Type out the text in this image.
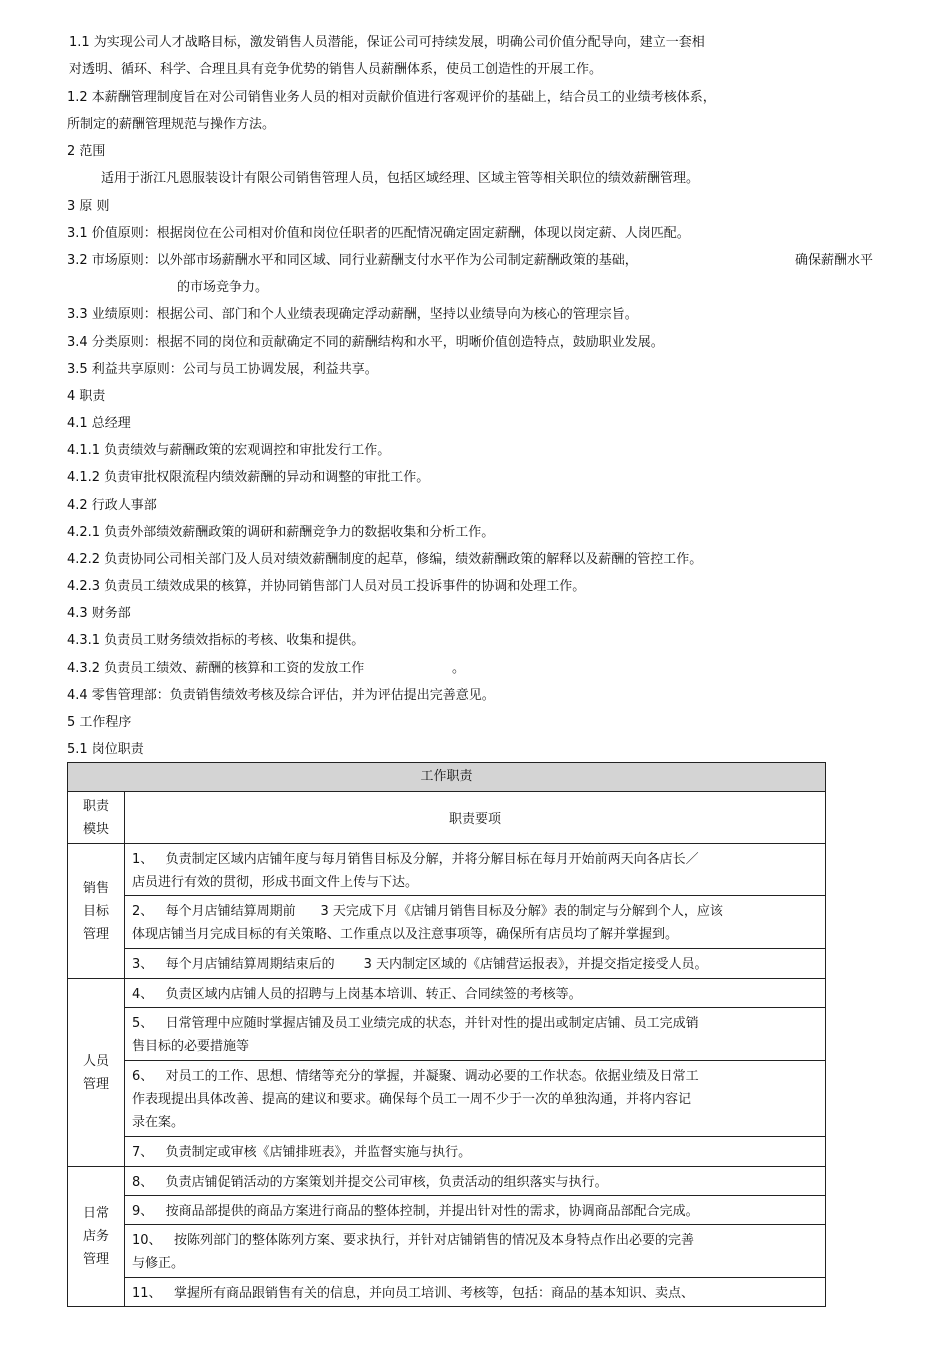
1.1 为实现公司人才战略目标，激发销售人员潜能，保证公司可持续发展，明确公司价值分配导向，建立一套相
对透明、循环、科学、合理且具有竞争优势的销售人员薪酬体系，使员工创造性的开展工作。
1.2 本薪酬管理制度旨在对公司销售业务人员的相对贡献价值进行客观评价的基础上，结合员工的业绩考核体系，
所制定的薪酬管理规范与操作方法。
2 范围
适用于浙江凡恩服装设计有限公司销售管理人员，包括区域经理、区域主管等相关职位的绩效薪酬管理。
3 原 则
3.1 价值原则：根据岗位在公司相对价值和岗位任职者的匹配情况确定固定薪酬，体现以岗定薪、人岗匹配。
3.2 市场原则：以外部市场薪酬水平和同区域、同行业薪酬支付水平作为公司制定薪酬政策的基础，	确保薪酬水平
的市场竞争力。
3.3 业绩原则：根据公司、部门和个人业绩表现确定浮动薪酬，坚持以业绩导向为核心的管理宗旨。
3.4 分类原则：根据不同的岗位和贡献确定不同的薪酬结构和水平，明晰价值创造特点，鼓励职业发展。
3.5 利益共享原则：公司与员工协调发展，利益共享。
4 职责
4.1 总经理
4.1.1 负责绩效与薪酬政策的宏观调控和审批发行工作。
4.1.2 负责审批权限流程内绩效薪酬的异动和调整的审批工作。
4.2 行政人事部
4.2.1 负责外部绩效薪酬政策的调研和薪酬竞争力的数据收集和分析工作。
4.2.2 负责协同公司相关部门及人员对绩效薪酬制度的起草，修编，绩效薪酬政策的解释以及薪酬的管控工作。
4.2.3 负责员工绩效成果的核算，并协同销售部门人员对员工投诉事件的协调和处理工作。
4.3 财务部
4.3.1 负责员工财务绩效指标的考核、收集和提供。
4.3.2 负责员工绩效、薪酬的核算和工资的发放工作	。
4.4 零售管理部：负责销售绩效考核及综合评估，并为评估提出完善意见。
5 工作程序
5.1 岗位职责
工作职责
职责
模块
职责要项
销售
目标
管理
1、   负责制定区域内店铺年度与每月销售目标及分解，并将分解目标在每月开始前两天向各店长／
店员进行有效的贯彻，形成书面文件上传与下达。
2、   每个月店铺结算周期前      3 天完成下月《店铺月销售目标及分解》表的制定与分解到个人，应该
体现店铺当月完成目标的有关策略、工作重点以及注意事项等，确保所有店员均了解并掌握到。
3、   每个月店铺结算周期结束后的       3 天内制定区域的《店铺营运报表》，并提交指定接受人员。
人员
管理
4、   负责区域内店铺人员的招聘与上岗基本培训、转正、合同续签的考核等。
5、   日常管理中应随时掌握店铺及员工业绩完成的状态，并针对性的提出或制定店铺、员工完成销
售目标的必要措施等
6、   对员工的工作、思想、情绪等充分的掌握，并凝聚、调动必要的工作状态。依据业绩及日常工
作表现提出具体改善、提高的建议和要求。确保每个员工一周不少于一次的单独沟通，并将内容记
录在案。
7、   负责制定或审核《店铺排班表》，并监督实施与执行。
日常
店务
管理
8、   负责店铺促销活动的方案策划并提交公司审核，负责活动的组织落实与执行。
9、   按商品部提供的商品方案进行商品的整体控制，并提出针对性的需求，协调商品部配合完成。
10、   按陈列部门的整体陈列方案、要求执行，并针对店铺销售的情况及本身特点作出必要的完善
与修正。
11、   掌握所有商品跟销售有关的信息，并向员工培训、考核等，包括：商品的基本知识、卖点、
